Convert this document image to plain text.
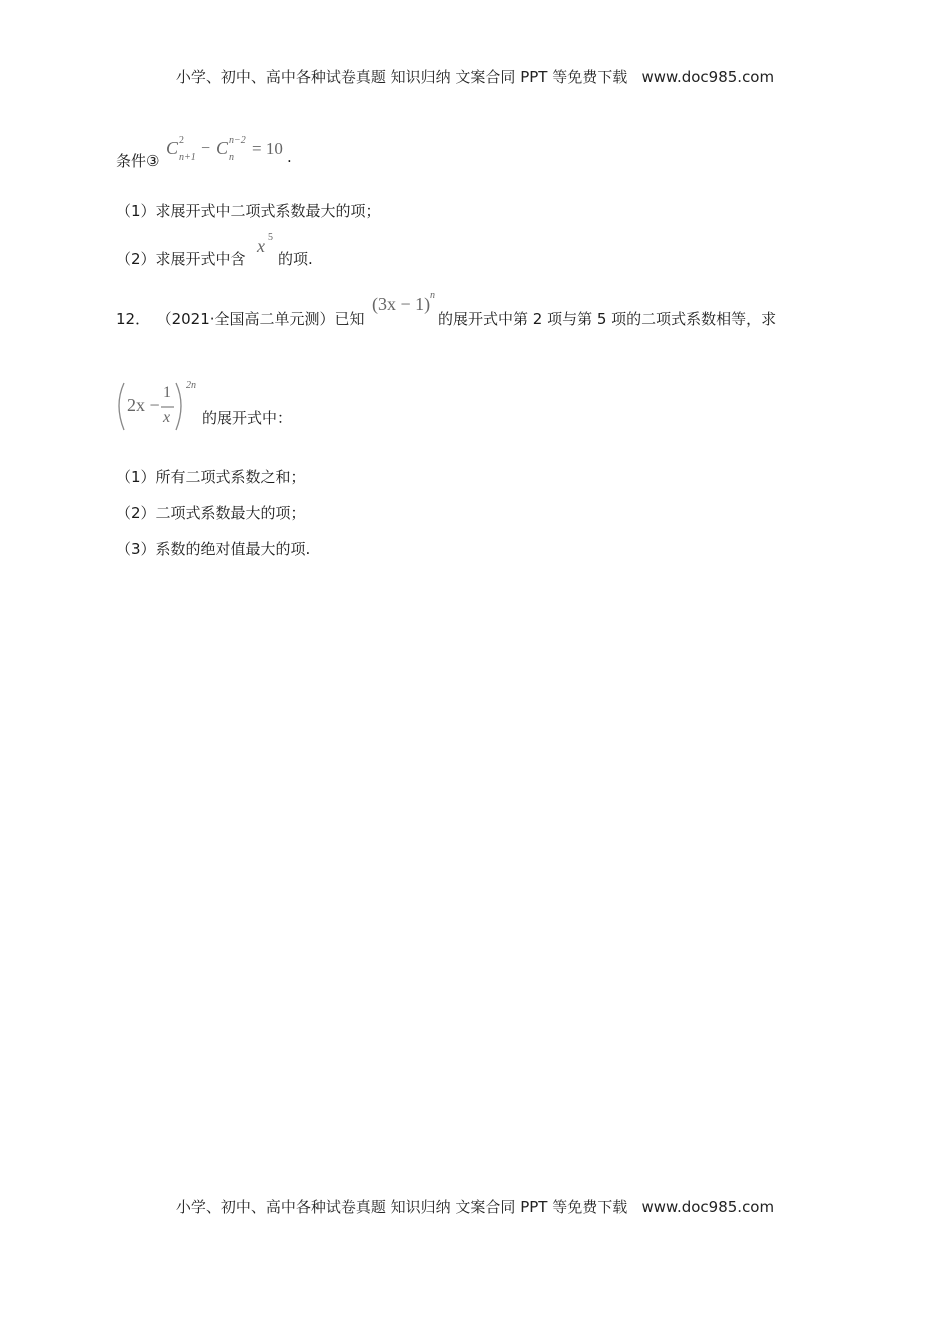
小学、初中、高中各种试卷真题 知识归纳 文案合同 PPT 等免费下载   www.doc985.com
条件③
C 2
n+1
− C n−2
n = 10 .
（1）求展开式中二项式系数最大的项；
（2）求展开式中含
x 5
的项.
12． （2021·全国高二单元测）已知
(3x − 1) n
的展开式中第 2 项与第 5 项的二项式系数相等，求
2x −
1
x
2n
的展开式中：
（1）所有二项式系数之和；
（2）二项式系数最大的项；
（3）系数的绝对值最大的项.
小学、初中、高中各种试卷真题 知识归纳 文案合同 PPT 等免费下载   www.doc985.com
